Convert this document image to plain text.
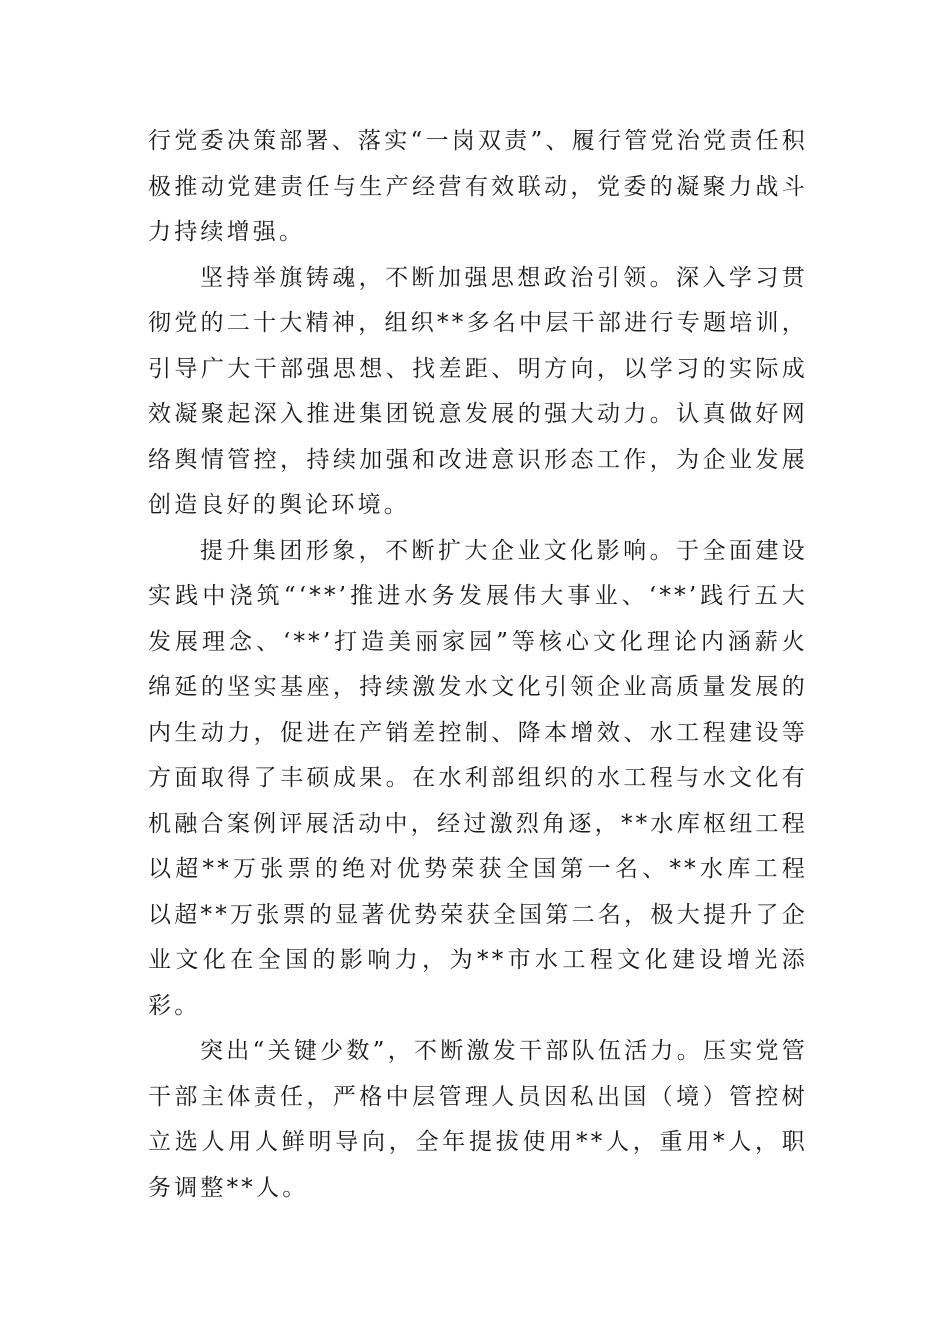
行党委决策部署、落实“一岗双责”、履行管党治党责任积极推动党建责任与生产经营有效联动，党委的凝聚力战斗力持续增强。

坚持举旗铸魂，不断加强思想政治引领。深入学习贯彻党的二十大精神，组织**多名中层干部进行专题培训，引导广大干部强思想、找差距、明方向，以学习的实际成效凝聚起深入推进集团锐意发展的强大动力。认真做好网络舆情管控，持续加强和改进意识形态工作，为企业发展创造良好的舆论环境。

提升集团形象，不断扩大企业文化影响。于全面建设实践中浇筑“‘**’推进水务发展伟大事业、‘**’践行五大发展理念、‘**’打造美丽家园”等核心文化理论内涵薪火绵延的坚实基座，持续激发水文化引领企业高质量发展的内生动力，促进在产销差控制、降本增效、水工程建设等方面取得了丰硕成果。在水利部组织的水工程与水文化有机融合案例评展活动中，经过激烈角逐，**水库枢纽工程以超**万张票的绝对优势荣获全国第一名、**水库工程以超**万张票的显著优势荣获全国第二名，极大提升了企业文化在全国的影响力，为**市水工程文化建设增光添彩。

突出“关键少数”，不断激发干部队伍活力。压实党管干部主体责任，严格中层管理人员因私出国（境）管控树立选人用人鲜明导向，全年提拔使用**人，重用*人，职务调整**人。
